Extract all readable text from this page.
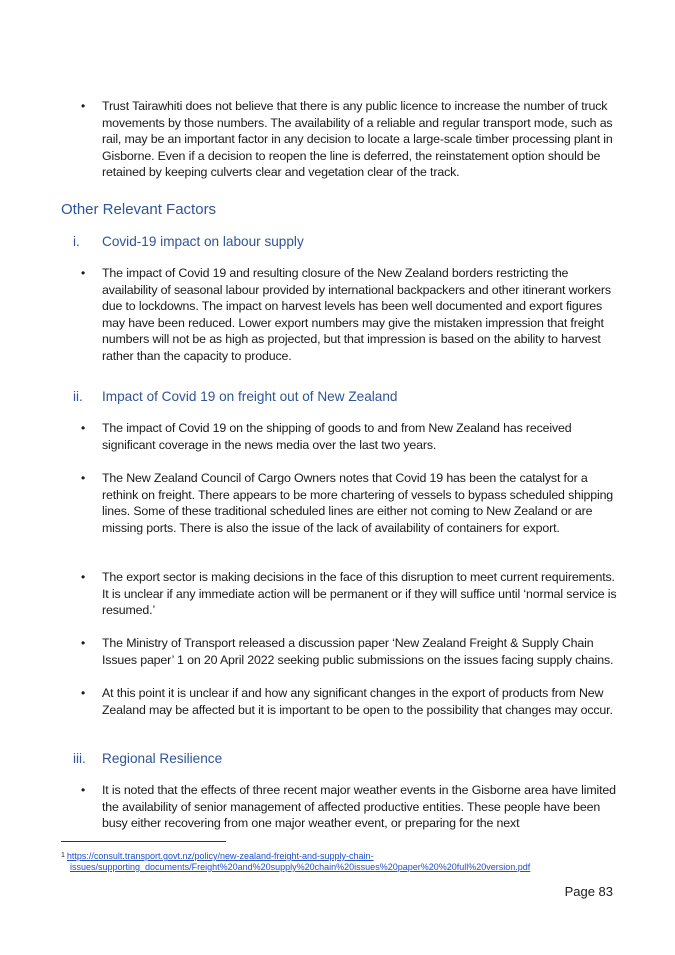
• Trust Tairawhiti does not believe that there is any public licence to increase the number of truck movements by those numbers. The availability of a reliable and regular transport mode, such as rail, may be an important factor in any decision to locate a large-scale timber processing plant in Gisborne. Even if a decision to reopen the line is deferred, the reinstatement option should be retained by keeping culverts clear and vegetation clear of the track.
Other Relevant Factors
i. Covid-19 impact on labour supply
• The impact of Covid 19 and resulting closure of the New Zealand borders restricting the availability of seasonal labour provided by international backpackers and other itinerant workers due to lockdowns. The impact on harvest levels has been well documented and export figures may have been reduced. Lower export numbers may give the mistaken impression that freight numbers will not be as high as projected, but that impression is based on the ability to harvest rather than the capacity to produce.
ii. Impact of Covid 19 on freight out of New Zealand
• The impact of Covid 19 on the shipping of goods to and from New Zealand has received significant coverage in the news media over the last two years.
• The New Zealand Council of Cargo Owners notes that Covid 19 has been the catalyst for a rethink on freight. There appears to be more chartering of vessels to bypass scheduled shipping lines. Some of these traditional scheduled lines are either not coming to New Zealand or are missing ports. There is also the issue of the lack of availability of containers for export.
• The export sector is making decisions in the face of this disruption to meet current requirements. It is unclear if any immediate action will be permanent or if they will suffice until ‘normal service is resumed.’
• The Ministry of Transport released a discussion paper ‘New Zealand Freight & Supply Chain Issues paper’ 1 on 20 April 2022 seeking public submissions on the issues facing supply chains.
• At this point it is unclear if and how any significant changes in the export of products from New Zealand may be affected but it is important to be open to the possibility that changes may occur.
iii. Regional Resilience
• It is noted that the effects of three recent major weather events in the Gisborne area have limited the availability of senior management of affected productive entities. These people have been busy either recovering from one major weather event, or preparing for the next
$^1$ https://consult.transport.govt.nz/policy/new-zealand-freight-and-supply-chain-
issues/supporting_documents/Freight%20and%20supply%20chain%20issues%20paper%20%20full%20version.pdf
Page 83
